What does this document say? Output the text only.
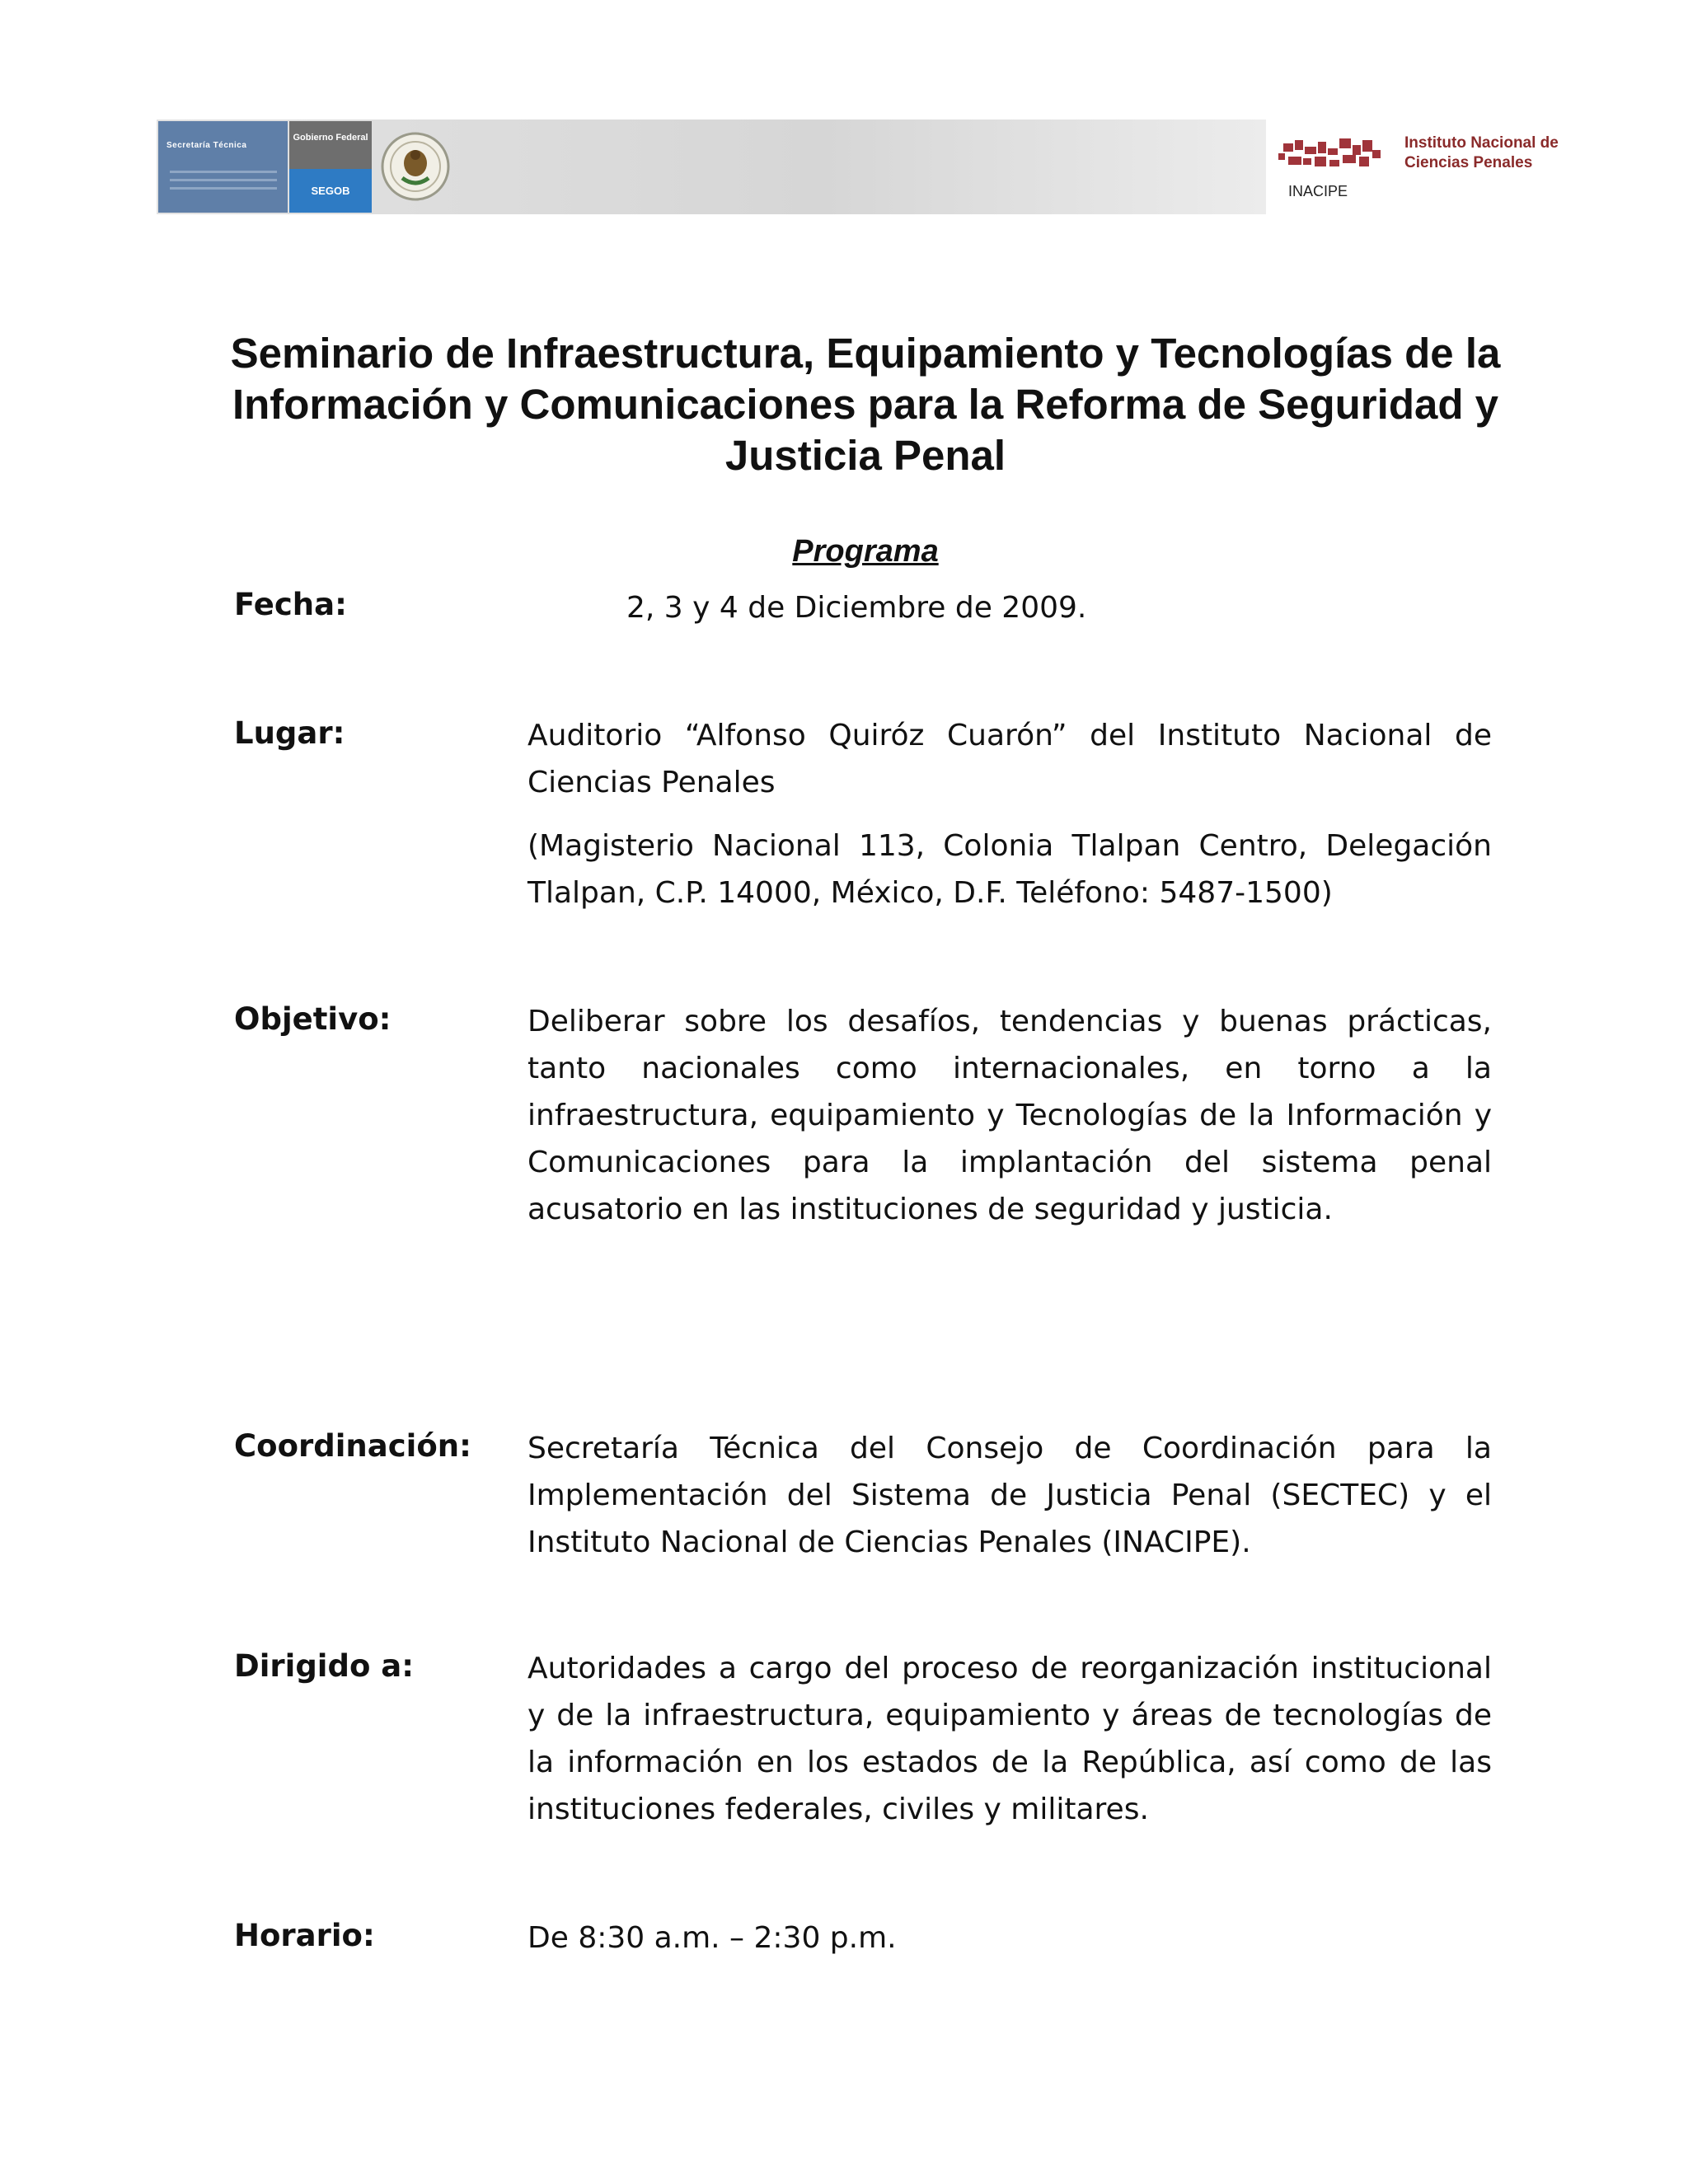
Secretaría Técnica
Gobierno Federal
SEGOB	INACIPE
Instituto Nacional de Ciencias Penales
Seminario de Infraestructura, Equipamiento y Tecnologías de la Información y Comunicaciones para la Reforma de Seguridad y Justicia Penal
Programa
Fecha:	2, 3 y 4 de Diciembre de 2009.

Lugar:	Auditorio “Alfonso Quiróz Cuarón” del Instituto Nacional de Ciencias Penales

(Magisterio Nacional 113, Colonia Tlalpan Centro, Delegación Tlalpan, C.P. 14000, México, D.F. Teléfono: 5487-1500)

Objetivo:	Deliberar sobre los desafíos, tendencias y buenas prácticas, tanto nacionales como internacionales, en torno a la infraestructura, equipamiento y Tecnologías de la Información y Comunicaciones para la implantación del sistema penal acusatorio en las instituciones de seguridad y justicia.

Coordinación: Secretaría Técnica del Consejo de Coordinación para la Implementación del Sistema de Justicia Penal (SECTEC) y el Instituto Nacional de Ciencias Penales (INACIPE).

Dirigido a:	Autoridades a cargo del proceso de reorganización institucional y de la infraestructura, equipamiento y áreas de tecnologías de la información en los estados de la República, así como de las instituciones federales, civiles y militares.

Horario:	De 8:30 a.m. – 2:30 p.m.
